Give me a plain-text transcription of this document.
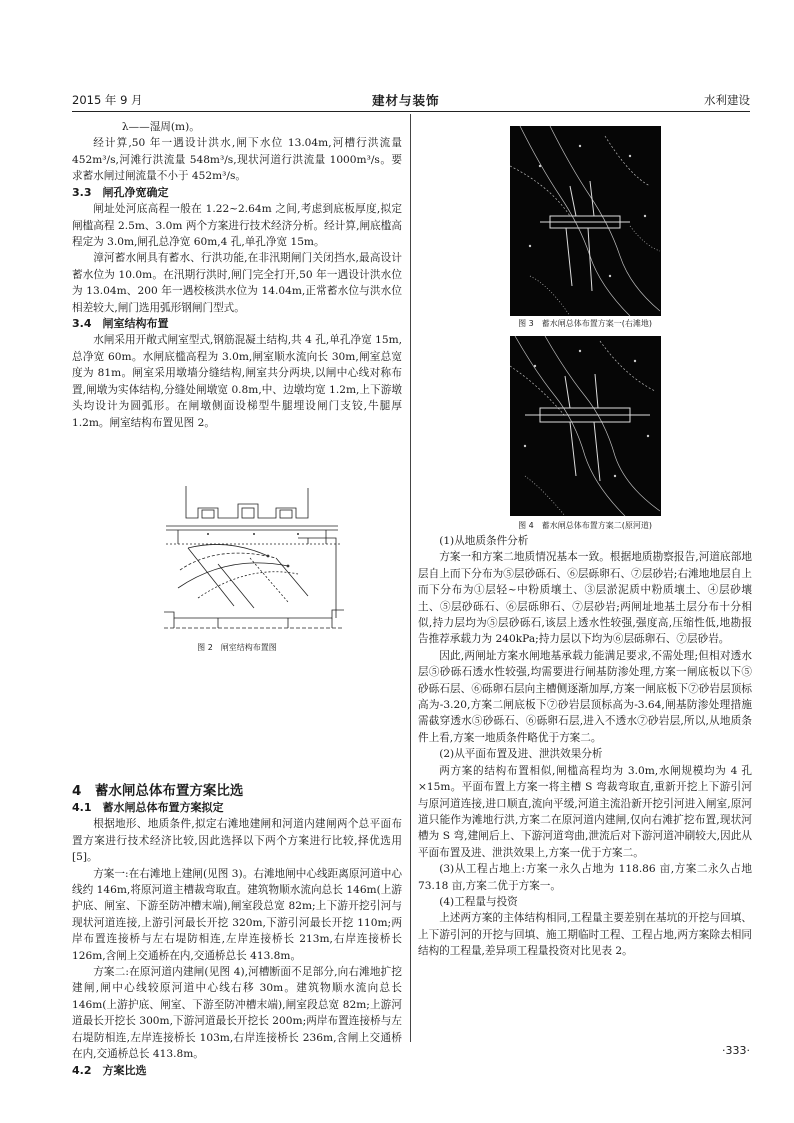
2015 年 9 月	建材与装饰	水利建设

λ——湿周(m)。

经计算,50 年一遇设计洪水,闸下水位 13.04m,河槽行洪流量 452m³/s,河滩行洪流量 548m³/s,现状河道行洪流量 1000m³/s。要求蓄水闸过闸流量不小于 452m³/s。

3.3　闸孔净宽确定

闸址处河底高程一般在 1.22~2.64m 之间,考虑到底板厚度,拟定闸槛高程 2.5m、3.0m 两个方案进行技术经济分析。经计算,闸底槛高程定为 3.0m,闸孔总净宽 60m,4 孔,单孔净宽 15m。

漳河蓄水闸具有蓄水、行洪功能,在非汛期闸门关闭挡水,最高设计蓄水位为 10.0m。在汛期行洪时,闸门完全打开,50 年一遇设计洪水位为 13.04m、200 年一遇校核洪水位为 14.04m,正常蓄水位与洪水位相差较大,闸门选用弧形钢闸门型式。

3.4　闸室结构布置

水闸采用开敞式闸室型式,钢筋混凝土结构,共 4 孔,单孔净宽 15m,总净宽 60m。水闸底槛高程为 3.0m,闸室顺水流向长 30m,闸室总宽度为 81m。闸室采用墩墙分缝结构,闸室共分两块,以闸中心线对称布置,闸墩为实体结构,分缝处闸墩宽 0.8m,中、边墩均宽 1.2m,上下游墩头均设计为圆弧形。在闸墩侧面设梯型牛腿埋设闸门支铰,牛腿厚 1.2m。闸室结构布置见图 2。

4　蓄水闸总体布置方案比选
4.1　蓄水闸总体布置方案拟定

根据地形、地质条件,拟定右滩地建闸和河道内建闸两个总平面布置方案进行技术经济比较,因此选择以下两个方案进行比较,择优选用[5]。

方案一:在右滩地上建闸(见图 3)。右滩地闸中心线距离原河道中心线约 146m,将原河道主槽裁弯取直。建筑物顺水流向总长 146m(上游护底、闸室、下游至防冲槽末端),闸室段总宽 82m;上下游开挖引河与现状河道连接,上游引河最长开挖 320m,下游引河最长开挖 110m;两岸布置连接桥与左右堤防相连,左岸连接桥长 213m,右岸连接桥长 126m,含闸上交通桥在内,交通桥总长 413.8m。

方案二:在原河道内建闸(见图 4),河槽断面不足部分,向右滩地扩挖建闸,闸中心线较原河道中心线右移 30m。建筑物顺水流向总长 146m(上游护底、闸室、下游至防冲槽末端),闸室段总宽 82m;上游河道最长开挖长 300m,下游河道最长开挖长 200m;两岸布置连接桥与左右堤防相连,左岸连接桥长 103m,右岸连接桥长 236m,含闸上交通桥在内,交通桥总长 413.8m。

4.2　方案比选
图 2　闸室结构布置图
图 3　蓄水闸总体布置方案一(右滩地)
图 4　蓄水闸总体布置方案二(原河道)

(1)从地质条件分析

方案一和方案二地质情况基本一致。根据地质勘察报告,河道底部地层自上而下分布为⑤层砂砾石、⑥层砾卵石、⑦层砂岩;右滩地地层自上而下分布为①层轻~中粉质壤土、③层淤泥质中粉质壤土、④层砂壤土、⑤层砂砾石、⑥层砾卵石、⑦层砂岩;两闸址地基土层分布十分相似,持力层均为⑤层砂砾石,该层上透水性较强,强度高,压缩性低,地勘报告推荐承载力为 240kPa;持力层以下均为⑥层砾卵石、⑦层砂岩。

因此,两闸址方案水闸地基承载力能满足要求,不需处理;但相对透水层⑤砂砾石透水性较强,均需要进行闸基防渗处理,方案一闸底板以下⑤砂砾石层、⑥砾卵石层向主槽侧逐渐加厚,方案一闸底板下⑦砂岩层顶标高为-3.20,方案二闸底板下⑦砂岩层顶标高为-3.64,闸基防渗处理措施需截穿透水⑤砂砾石、⑥砾卵石层,进入不透水⑦砂岩层,所以,从地质条件上看,方案一地质条件略优于方案二。

(2)从平面布置及进、泄洪效果分析

两方案的结构布置相似,闸槛高程均为 3.0m,水闸规模均为 4 孔×15m。平面布置上方案一将主槽 S 弯裁弯取直,重新开挖上下游引河与原河道连接,进口顺直,流向平缓,河道主流沿新开挖引河进入闸室,原河道只能作为滩地行洪,方案二在原河道内建闸,仅向右滩扩挖布置,现状河槽为 S 弯,建闸后上、下游河道弯曲,泄流后对下游河道冲刷较大,因此从平面布置及进、泄洪效果上,方案一优于方案二。

(3)从工程占地上:方案一永久占地为 118.86 亩,方案二永久占地 73.18 亩,方案二优于方案一。

(4)工程量与投资

上述两方案的主体结构相同,工程量主要差别在基坑的开挖与回填、上下游引河的开挖与回填、施工期临时工程、工程占地,两方案除去相同结构的工程量,差异项工程量投资对比见表 2。

·333·
